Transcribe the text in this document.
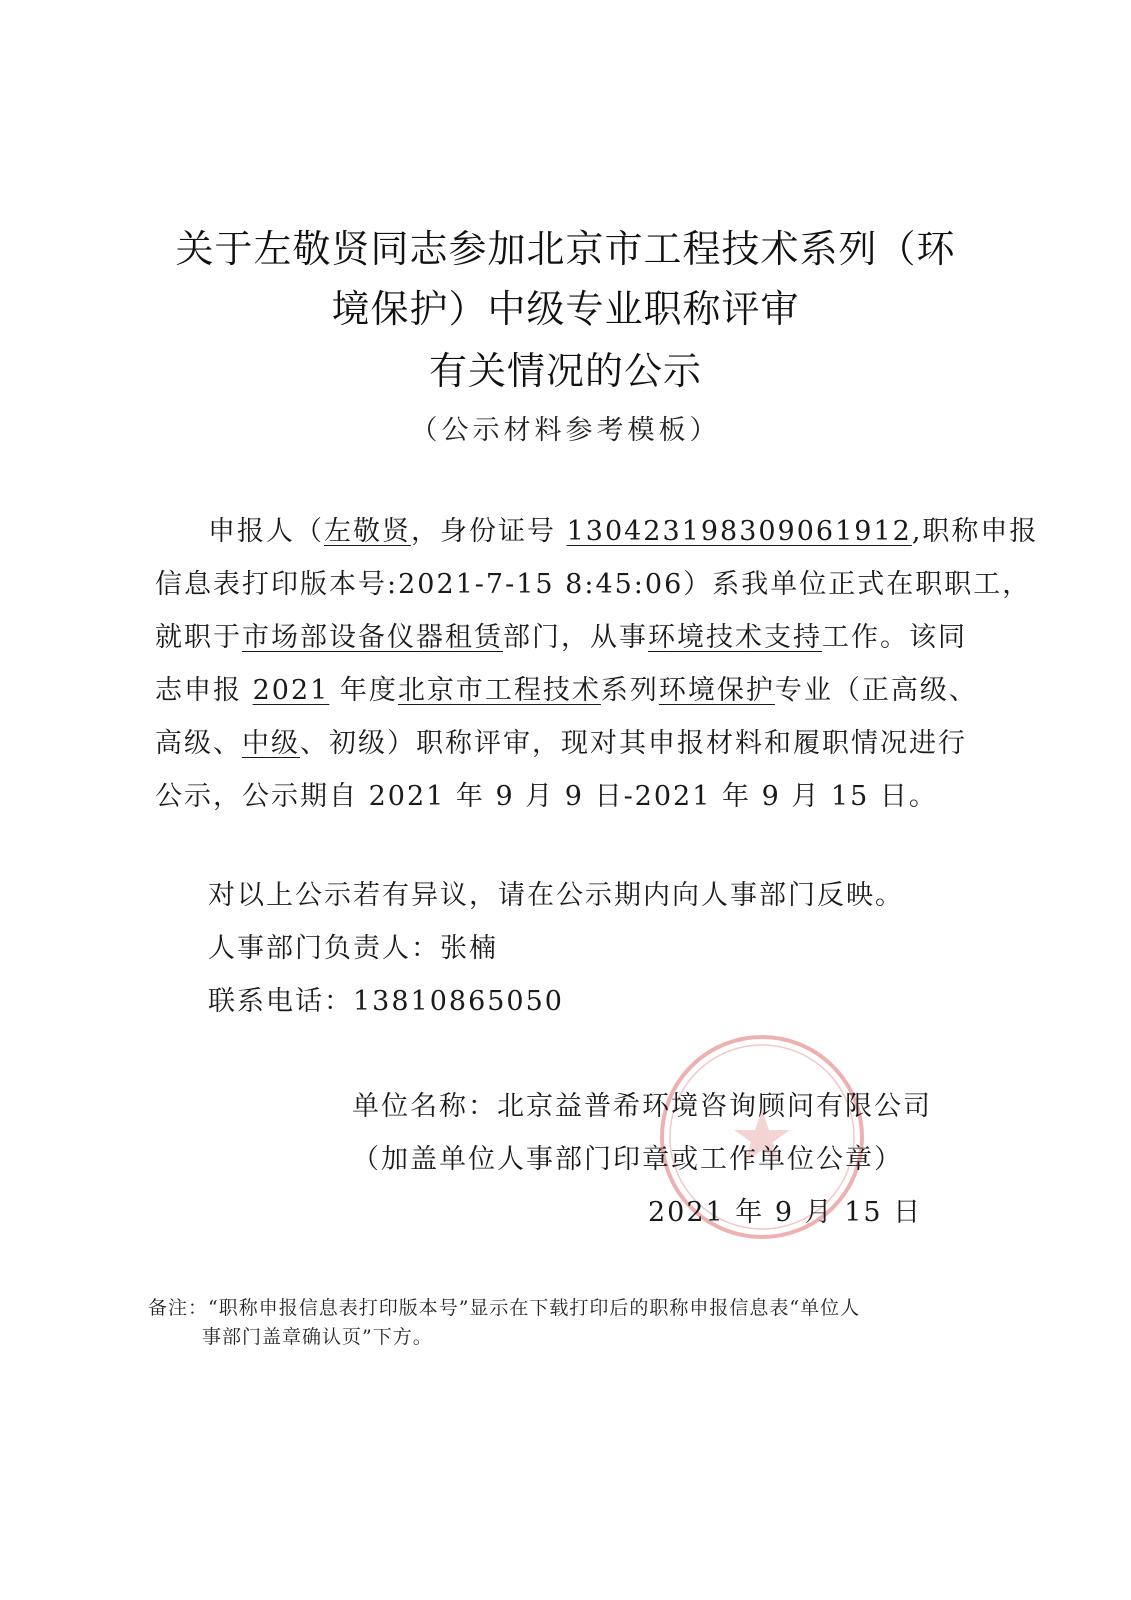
关于左敬贤同志参加北京市工程技术系列（环
境保护）中级专业职称评审
有关情况的公示
（公示材料参考模板）
申报人（左敬贤，身份证号 130423198309061912,职称申报
信息表打印版本号:2021-7-15 8:45:06）系我单位正式在职职工，
就职于市场部设备仪器租赁部门，从事环境技术支持工作。该同
志申报 2021 年度北京市工程技术系列环境保护专业（正高级、
高级、中级、初级）职称评审，现对其申报材料和履职情况进行
公示，公示期自 2021 年 9 月 9 日-2021 年 9 月 15 日。
对以上公示若有异议，请在公示期内向人事部门反映。
人事部门负责人：张楠
联系电话：13810865050
单位名称：北京益普希环境咨询顾问有限公司
（加盖单位人事部门印章或工作单位公章）
2021 年 9 月 15 日
备注：“职称申报信息表打印版本号”显示在下载打印后的职称申报信息表“单位人
事部门盖章确认页”下方。
